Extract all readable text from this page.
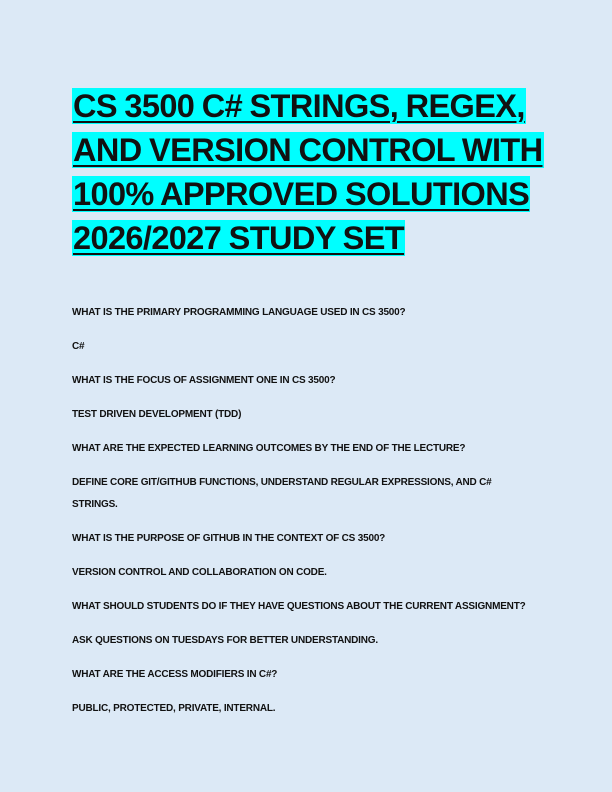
CS 3500 C# STRINGS, REGEX,
AND VERSION CONTROL WITH
100% APPROVED SOLUTIONS
2026/2027 STUDY SET

WHAT IS THE PRIMARY PROGRAMMING LANGUAGE USED IN CS 3500?

C#

WHAT IS THE FOCUS OF ASSIGNMENT ONE IN CS 3500?

TEST DRIVEN DEVELOPMENT (TDD)

WHAT ARE THE EXPECTED LEARNING OUTCOMES BY THE END OF THE LECTURE?

DEFINE CORE GIT/GITHUB FUNCTIONS, UNDERSTAND REGULAR EXPRESSIONS, AND C# STRINGS.

WHAT IS THE PURPOSE OF GITHUB IN THE CONTEXT OF CS 3500?

VERSION CONTROL AND COLLABORATION ON CODE.

WHAT SHOULD STUDENTS DO IF THEY HAVE QUESTIONS ABOUT THE CURRENT ASSIGNMENT?

ASK QUESTIONS ON TUESDAYS FOR BETTER UNDERSTANDING.

WHAT ARE THE ACCESS MODIFIERS IN C#?

PUBLIC, PROTECTED, PRIVATE, INTERNAL.
